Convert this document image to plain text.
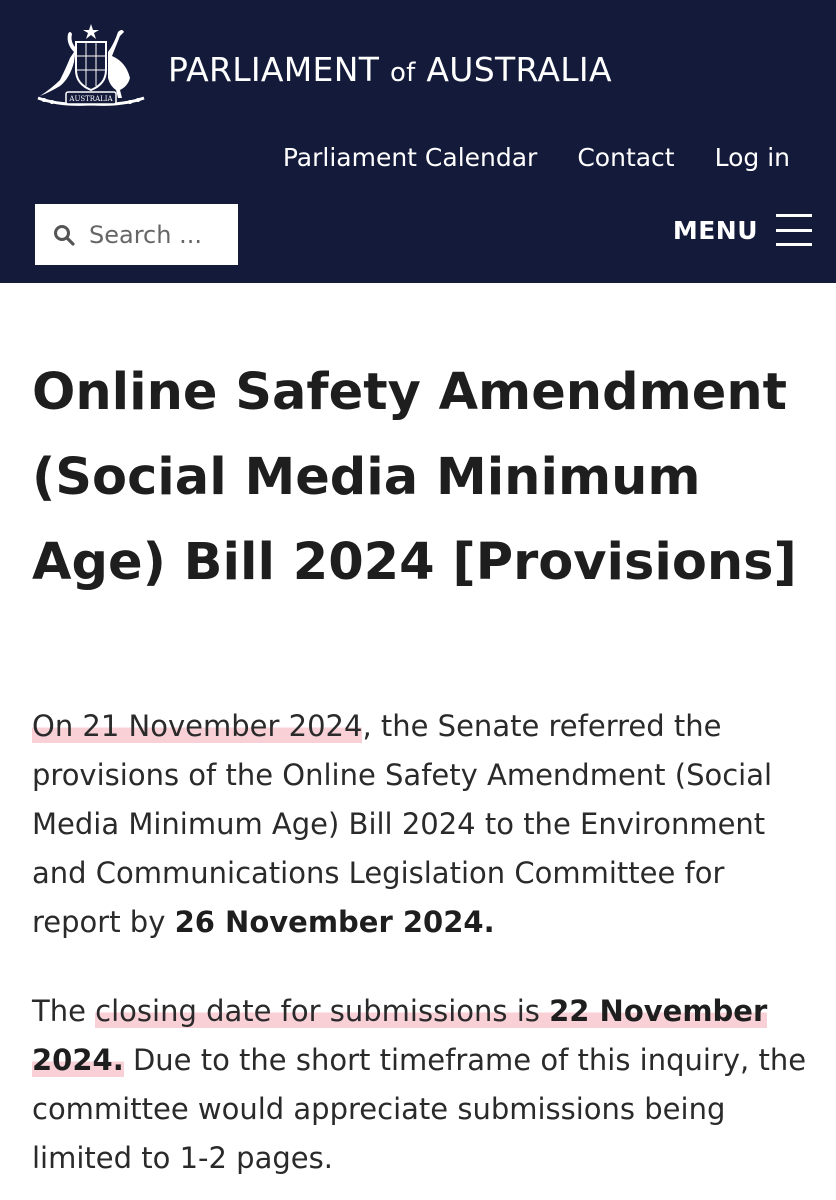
AUSTRALIA
PARLIAMENT of AUSTRALIA
Parliament Calendar Contact Log in
Search ...
MENU
Online Safety Amendment (Social Media Minimum Age) Bill 2024 [Provisions]

On 21 November 2024, the Senate referred the provisions of the Online Safety Amendment (Social Media Minimum Age) Bill 2024 to the Environment and Communications Legislation Committee for report by 26 November 2024.

The closing date for submissions is 22 November 2024. Due to the short timeframe of this inquiry, the committee would appreciate submissions being limited to 1-2 pages.
